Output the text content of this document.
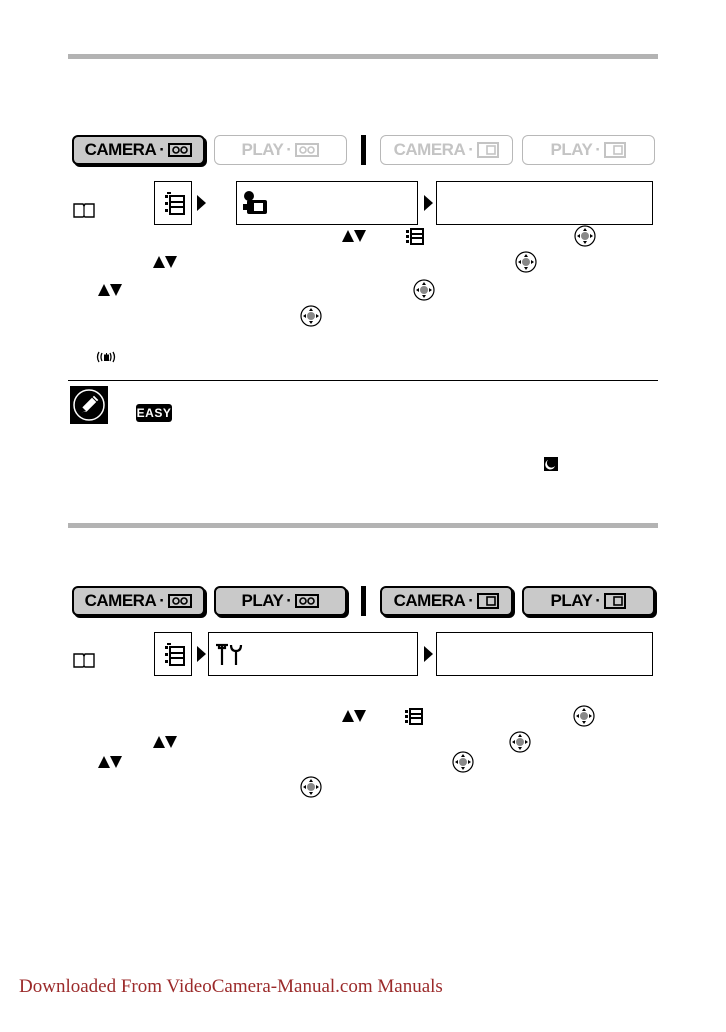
CAMERA ·	PLAY ·	CAMERA ·	PLAY ·
EASY
CAMERA ·	PLAY ·	CAMERA ·	PLAY ·
Downloaded From VideoCamera-Manual.com Manuals
